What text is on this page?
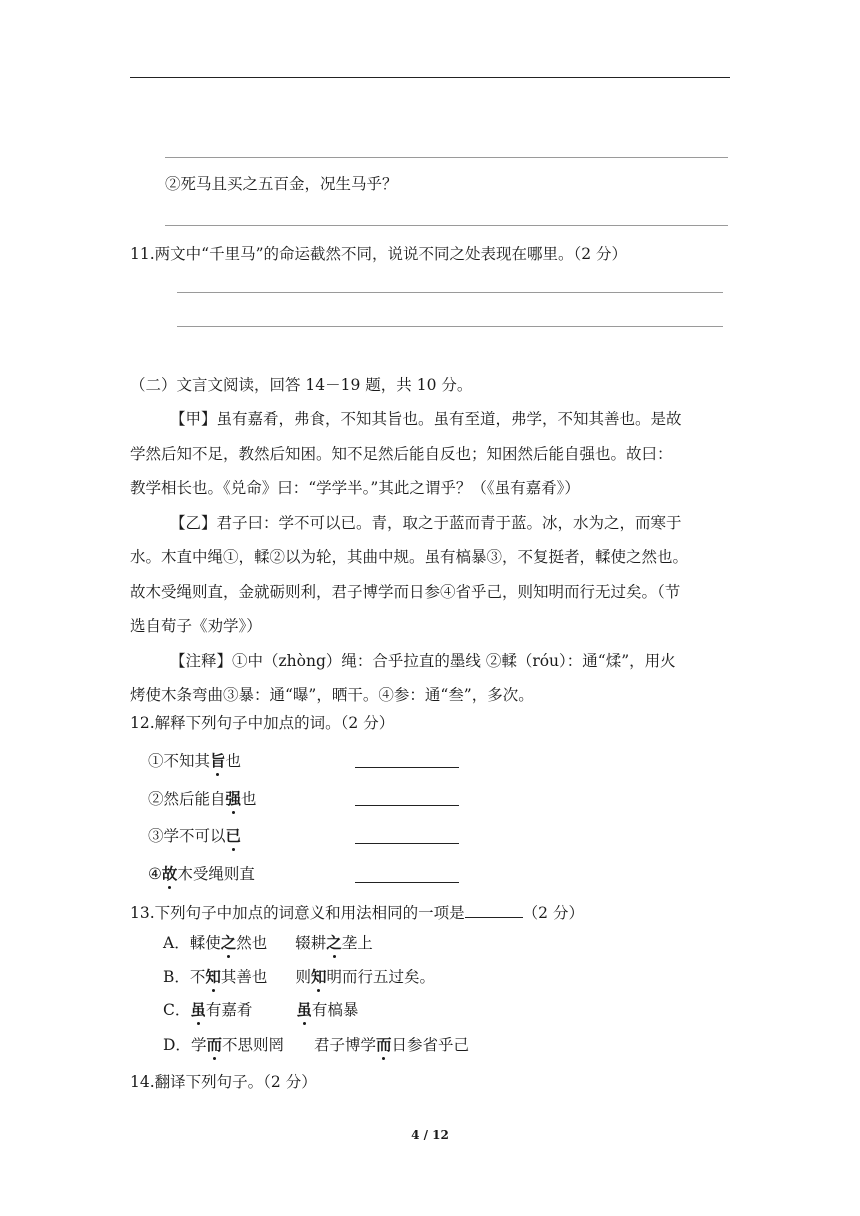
②死马且买之五百金，况生马乎？
11.两文中“千里马”的命运截然不同，说说不同之处表现在哪里。（2 分）
（二）文言文阅读，回答 14－19 题，共 10 分。
【甲】虽有嘉肴，弗食，不知其旨也。虽有至道，弗学，不知其善也。是故
学然后知不足，教然后知困。知不足然后能自反也；知困然后能自强也。故曰：
教学相长也。《兑命》曰：“学学半。”其此之谓乎？（《虽有嘉肴》）
【乙】君子曰：学不可以已。青，取之于蓝而青于蓝。冰，水为之，而寒于
水。木直中绳①，輮②以为轮，其曲中规。虽有槁暴③，不复挺者，輮使之然也。
故木受绳则直，金就砺则利，君子博学而日参④省乎己，则知明而行无过矣。（节
选自荀子《劝学》）
【注释】①中（zhòng）绳：合乎拉直的墨线 ②輮（róu）：通“煣”，用火
烤使木条弯曲③暴：通“曝”，晒干。④参：通“叁”，多次。
12.解释下列句子中加点的词。（2 分）
①不知其旨也
②然后能自强也
③学不可以已
④故木受绳则直
13.下列句子中加点的词意义和用法相同的一项是	（2 分）
A．輮使之然也 辍耕之垄上
B．不知其善也 则知明而行五过矣。
C．虽有嘉肴	虽有槁暴
D．学而不思则罔 君子博学而日参省乎己
14.翻译下列句子。（2 分）
4 / 12
